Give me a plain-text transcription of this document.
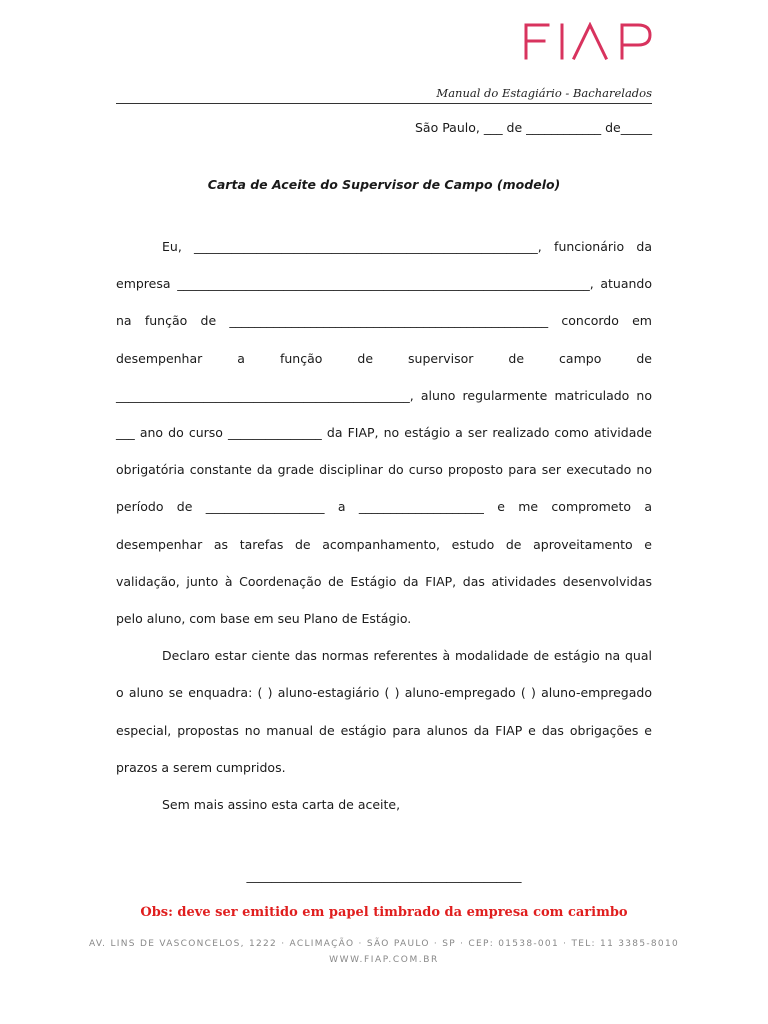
Manual do Estagiário - Bacharelados
São Paulo, ___ de ____________ de_____
Carta de Aceite do Supervisor de Campo (modelo)

Eu, _______________________________________________________, funcionário da empresa __________________________________________________________________, atuando na função de ___________________________________________________ concordo em desempenhar a função de supervisor de campo de _______________________________________________, aluno regularmente matriculado no ___ ano do curso _______________ da FIAP, no estágio a ser realizado como atividade obrigatória constante da grade disciplinar do curso proposto para ser executado no período de ___________________ a ____________________ e me comprometo a desempenhar as tarefas de acompanhamento, estudo de aproveitamento e validação, junto à Coordenação de Estágio da FIAP, das atividades desenvolvidas pelo aluno, com base em seu Plano de Estágio.

Declaro estar ciente das normas referentes à modalidade de estágio na qual o aluno se enquadra: ( ) aluno-estagiário ( ) aluno-empregado ( ) aluno-empregado especial, propostas no manual de estágio para alunos da FIAP e das obrigações e prazos a serem cumpridos.

Sem mais assino esta carta de aceite,

____________________________________________
Obs: deve ser emitido em papel timbrado da empresa com carimbo
AV. LINS DE VASCONCELOS, 1222 · ACLIMAÇÃO · SÃO PAULO · SP · CEP: 01538-001 · TEL: 11 3385-8010
WWW.FIAP.COM.BR
